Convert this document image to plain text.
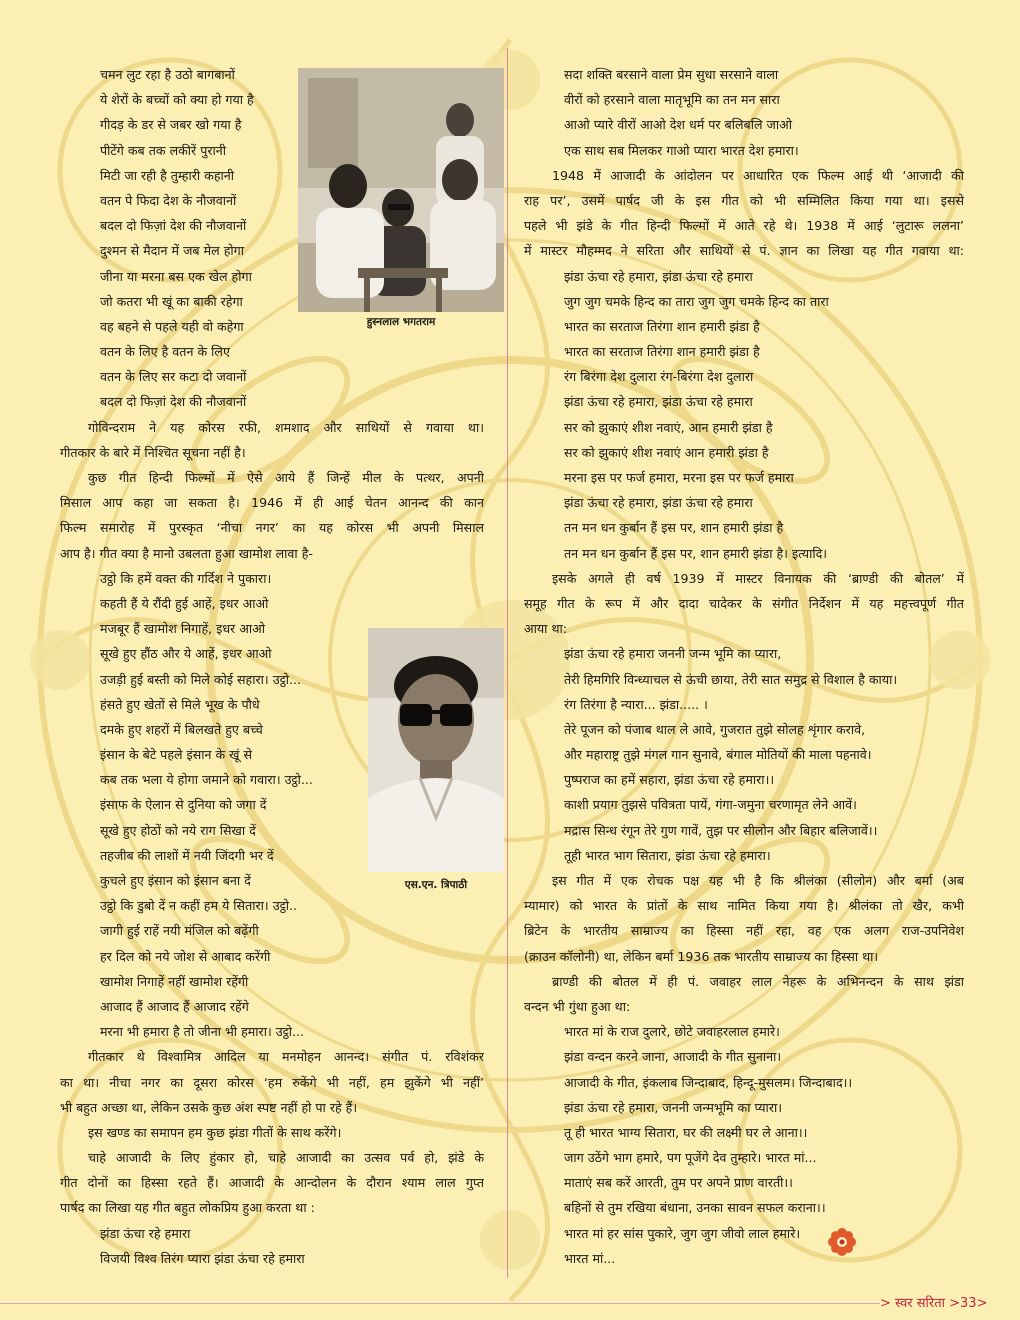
चमन लुट रहा है उठो बागबानों
ये शेरों के बच्चों को क्या हो गया है
गीदड़ के डर से जबर खो गया है
पीटेंगे कब तक लकीरें पुरानी
मिटी जा रही है तुम्हारी कहानी
वतन पे फिदा देश के नौजवानों
बदल दो फिज़ां देश की नौजवानों
दुश्मन से मैदान में जब मेल होगा
जीना या मरना बस एक खेल होगा
जो कतरा भी खूं का बाकी रहेगा
वह बहने से पहले यही वो कहेगा
वतन के लिए है वतन के लिए
वतन के लिए सर कटा दो जवानों
बदल दो फिज़ां देश की नौजवानों
गोविन्दराम ने यह कोरस रफी, शमशाद और साथियों से गवाया था।
गीतकार के बारे में निश्चित सूचना नहीं है।
कुछ गीत हिन्दी फिल्मों में ऐसे आये हैं जिन्हें मील के पत्थर, अपनी
मिसाल आप कहा जा सकता है। 1946 में ही आई चेतन आनन्द की कान
फिल्म समारोह में पुरस्कृत ‘नीचा नगर’ का यह कोरस भी अपनी मिसाल
आप है। गीत क्या है मानो उबलता हुआ खामोश लावा है-
उट्ठो कि हमें वक्त की गर्दिश ने पुकारा।
कहती हैं ये रौंदी हुई आहें, इधर आओ
मजबूर हैं खामोश निगाहें, इधर आओ
सूखे हुए हौंठ और ये आहें, इधर आओ
उजड़ी हुई बस्ती को मिले कोई सहारा। उट्ठो...
हंसते हुए खेतों से मिले भूख के पौधे
दमके हुए शहरों में बिलखते हुए बच्चे
इंसान के बेटे पहले इंसान के खूं से
कब तक भला ये होगा जमाने को गवारा। उट्ठो...
इंसाफ के ऐलान से दुनिया को जगा दें
सूखे हुए होठों को नये राग सिखा दें
तहजीब की लाशों में नयी जिंदगी भर दें
कुचले हुए इंसान को इंसान बना दें
उट्ठो कि डुबो दें न कहीं हम ये सितारा। उट्ठो..
जागी हुई राहें नयी मंजिल को बढ़ेंगी
हर दिल को नये जोश से आबाद करेंगी
खामोश निगाहें नहीं खामोश रहेंगी
आजाद हैं आजाद हैं आजाद रहेंगे
मरना भी हमारा है तो जीना भी हमारा। उट्ठो...
गीतकार थे विश्वामित्र आदिल या मनमोहन आनन्द। संगीत पं. रविशंकर
का था। नीचा नगर का दूसरा कोरस ‘हम रुकेंगे भी नहीं, हम झुकेंगे भी नहीं’
भी बहुत अच्छा था, लेकिन उसके कुछ अंश स्पष्ट नहीं हो पा रहे हैं।
इस खण्ड का समापन हम कुछ झंडा गीतों के साथ करेंगे।
चाहे आजादी के लिए हुंकार हो, चाहे आजादी का उत्सव पर्व हो, झंडे के
गीत दोनों का हिस्सा रहते हैं। आजादी के आन्दोलन के दौरान श्याम लाल गुप्त
पार्षद का लिखा यह गीत बहुत लोकप्रिय हुआ करता था :
झंडा ऊंचा रहे हमारा
विजयी विश्व तिरंग प्यारा झंडा ऊंचा रहे हमारा
सदा शक्ति बरसाने वाला प्रेम सुधा सरसाने वाला
वीरों को हरसाने वाला मातृभूमि का तन मन सारा
आओ प्यारे वीरों आओ देश धर्म पर बलिबलि जाओ
एक साथ सब मिलकर गाओ प्यारा भारत देश हमारा।
1948 में आजादी के आंदोलन पर आधारित एक फिल्म आई थी ‘आजादी की
राह पर’, उसमें पार्षद जी के इस गीत को भी सम्मिलित किया गया था। इससे
पहले भी झंडे के गीत हिन्दी फिल्मों में आते रहे थे। 1938 में आई ‘लुटारू ललना’
में मास्टर मौहम्मद ने सरिता और साथियों से पं. ज्ञान का लिखा यह गीत गवाया था:
झंडा ऊंचा रहे हमारा, झंडा ऊंचा रहे हमारा
जुग जुग चमके हिन्द का तारा जुग जुग चमके हिन्द का तारा
भारत का सरताज तिरंगा शान हमारी झंडा है
भारत का सरताज तिरंगा शान हमारी झंडा है
रंग बिरंगा देश दुलारा रंग-बिरंगा देश दुलारा
झंडा ऊंचा रहे हमारा, झंडा ऊंचा रहे हमारा
सर को झुकाएं शीश नवाएं, आन हमारी झंडा है
सर को झुकाएं शीश नवाएं आन हमारी झंडा है
मरना इस पर फर्ज हमारा, मरना इस पर फर्ज हमारा
झंडा ऊंचा रहे हमारा, झंडा ऊंचा रहे हमारा
तन मन धन कुर्बान हैं इस पर, शान हमारी झंडा है
तन मन धन कुर्बान हैं इस पर, शान हमारी झंडा है। इत्यादि।
इसके अगले ही वर्ष 1939 में मास्टर विनायक की ‘ब्राण्डी की बोतल’ में
समूह गीत के रूप में और दादा चादेकर के संगीत निर्देशन में यह महत्त्वपूर्ण गीत
आया था:
झंडा ऊंचा रहे हमारा जननी जन्म भूमि का प्यारा,
तेरी हिमगिरि विन्ध्याचल से ऊंची छाया, तेरी सात समुद्र से विशाल है काया।
रंग तिरंगा है न्यारा... झंडा..... ।
तेरे पूजन को पंजाब थाल ले आवे, गुजरात तुझे सोलह शृंगार करावे,
और महाराष्ट्र तुझे मंगल गान सुनावे, बंगाल मोतियों की माला पहनावे।
पुष्पराज का हमें सहारा, झंडा ऊंचा रहे हमारा।।
काशी प्रयाग तुझसे पवित्रता पायें, गंगा-जमुना चरणामृत लेने आवें।
मद्रास सिन्ध रंगून तेरे गुण गावें, तुझ पर सीलोन और बिहार बलिजावें।।
तूही भारत भाग सितारा, झंडा ऊंचा रहे हमारा।
इस गीत में एक रोचक पक्ष यह भी है कि श्रीलंका (सीलोन) और बर्मा (अब
म्यामार) को भारत के प्रांतों के साथ नामित किया गया है। श्रीलंका तो खैर, कभी
ब्रिटेन के भारतीय साम्राज्य का हिस्सा नहीं रहा, वह एक अलग राज-उपनिवेश
(क्राउन कॉलोनी) था, लेकिन बर्मा 1936 तक भारतीय साम्राज्य का हिस्सा था।
ब्राण्डी की बोतल में ही पं. जवाहर लाल नेहरू के अभिनन्दन के साथ झंडा
वन्दन भी गुंथा हुआ था:
भारत मां के राज दुलारे, छोटे जवाहरलाल हमारे।
झंडा वन्दन करने जाना, आजादी के गीत सुनाना।
आजादी के गीत, इंकलाब जिन्दाबाद, हिन्दू-मुसलम। जिन्दाबाद।।
झंडा ऊंचा रहे हमारा, जननी जन्मभूमि का प्यारा।
तू ही भारत भाग्य सितारा, घर की लक्ष्मी घर ले आना।।
जाग उठेंगे भाग हमारे, पग पूजेंगे देव तुम्हारे। भारत मां...
माताएं सब करें आरती, तुम पर अपने प्राण वारती।।
बहिनों से तुम रखिया बंधाना, उनका सावन सफल कराना।।
भारत मां हर सांस पुकारे, जुग जुग जीवो लाल हमारे।
भारत मां...
हुस्नलाल भगतराम
एस.एन. त्रिपाठी
> स्वर सरिता >33>
